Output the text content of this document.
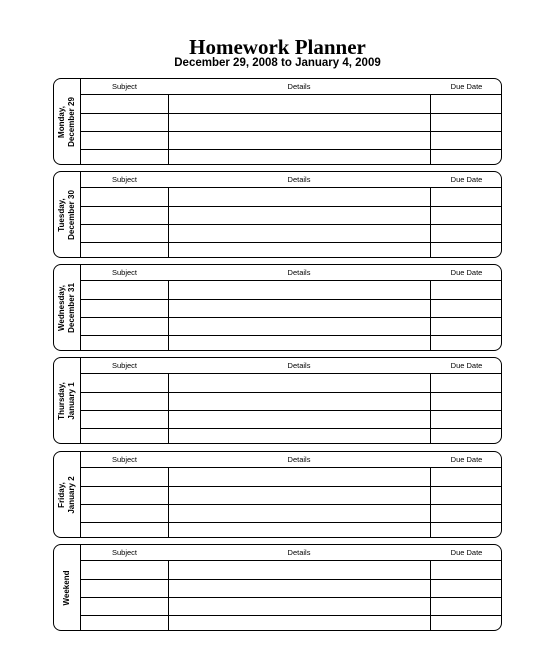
Homework Planner
December 29, 2008 to January 4, 2009
Monday, December 29
Subject	Details	Due Date
Tuesday, December 30
Subject	Details	Due Date
Wednesday, December 31
Subject	Details	Due Date
Thursday, January 1
Subject	Details	Due Date
Friday, January 2
Subject	Details	Due Date
Weekend
Subject	Details	Due Date
